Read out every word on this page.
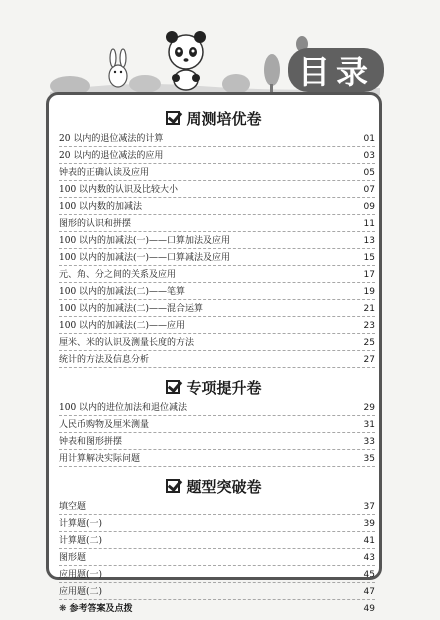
目录
周测培优卷
20 以内的退位减法的计算	01
20 以内的退位减法的应用	03
钟表的正确认读及应用	05
100 以内数的认识及比较大小	07
100 以内数的加减法	09
图形的认识和拼摆	11
100 以内的加减法(一)——口算加法及应用	13
100 以内的加减法(一)——口算减法及应用	15
元、角、分之间的关系及应用	17
100 以内的加减法(二)——笔算	19
100 以内的加减法(二)——混合运算	21
100 以内的加减法(二)——应用	23
厘米、米的认识及测量长度的方法	25
统计的方法及信息分析	27
专项提升卷
100 以内的进位加法和退位减法	29
人民币购物及厘米测量	31
钟表和图形拼摆	33
用计算解决实际问题	35
题型突破卷
填空题	37
计算题(一)	39
计算题(二)	41
图形题	43
应用题(一)	45
应用题(二)	47
❋ 参考答案及点拨	49
